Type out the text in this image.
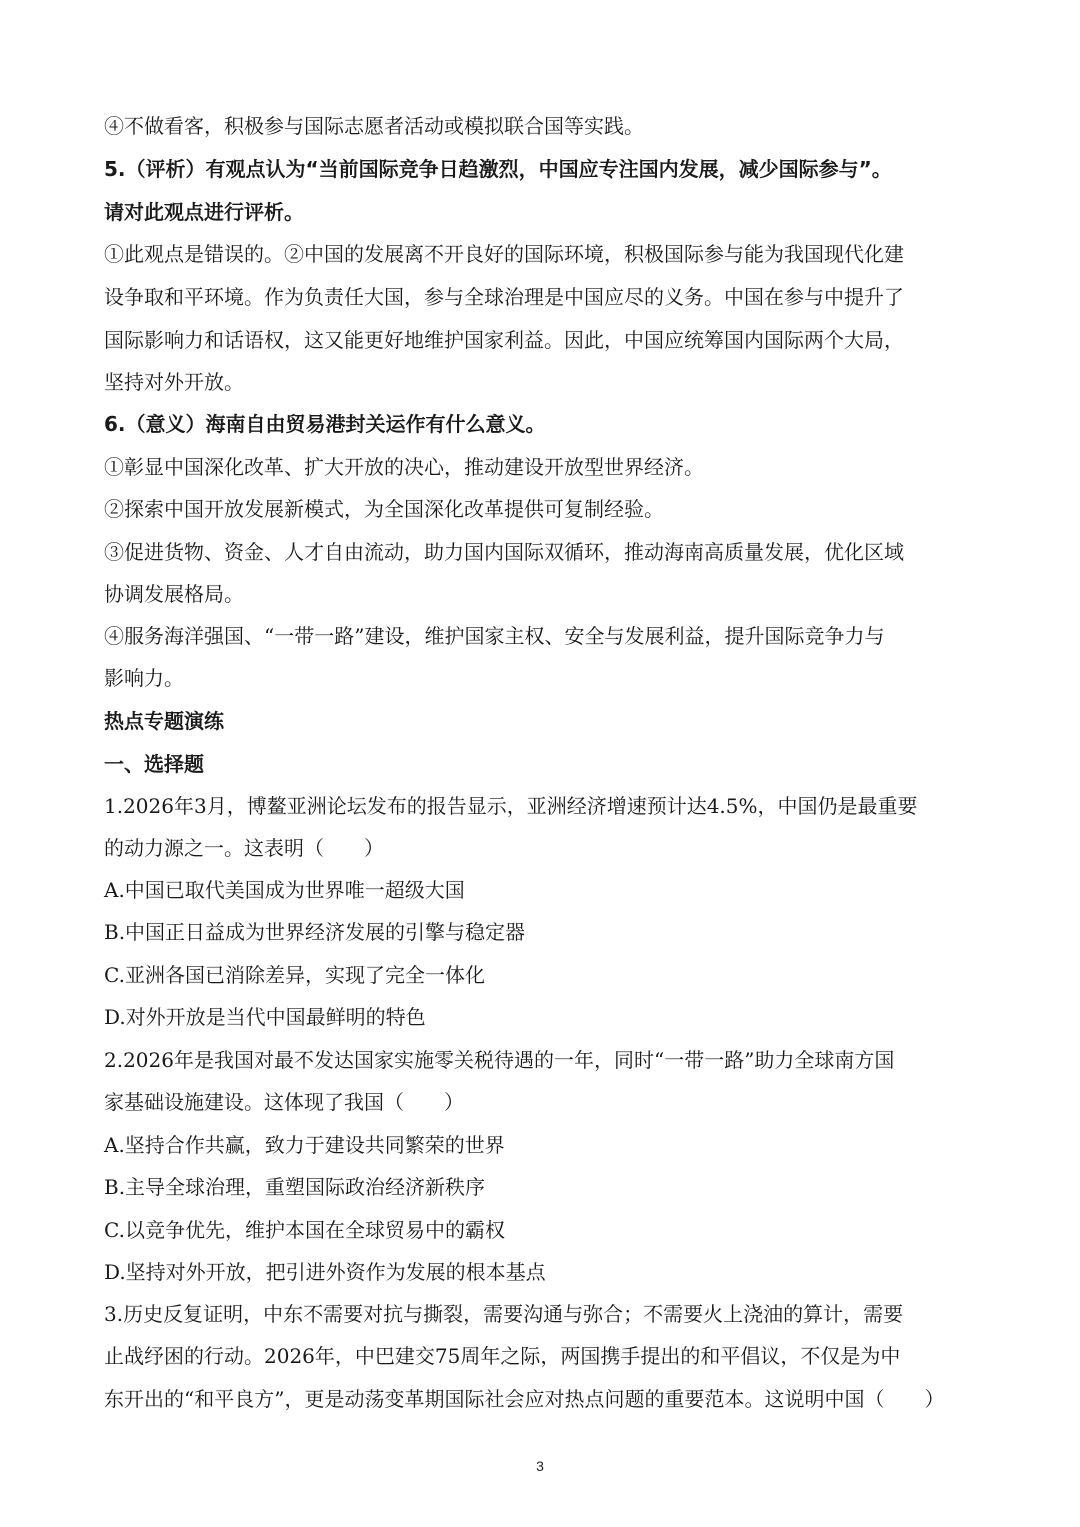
④不做看客，积极参与国际志愿者活动或模拟联合国等实践。
5.（评析）有观点认为“当前国际竞争日趋激烈，中国应专注国内发展，减少国际参与”。
请对此观点进行评析。
①此观点是错误的。②中国的发展离不开良好的国际环境，积极国际参与能为我国现代化建
设争取和平环境。作为负责任大国，参与全球治理是中国应尽的义务。中国在参与中提升了
国际影响力和话语权，这又能更好地维护国家利益。因此，中国应统筹国内国际两个大局，
坚持对外开放。
6.（意义）海南自由贸易港封关运作有什么意义。
①彰显中国深化改革、扩大开放的决心，推动建设开放型世界经济。
②探索中国开放发展新模式，为全国深化改革提供可复制经验。
③促进货物、资金、人才自由流动，助力国内国际双循环，推动海南高质量发展，优化区域
协调发展格局。
④服务海洋强国、“一带一路”建设，维护国家主权、安全与发展利益，提升国际竞争力与
影响力。
热点专题演练
一、选择题
1.2026年3月，博鳌亚洲论坛发布的报告显示，亚洲经济增速预计达4.5%，中国仍是最重要
的动力源之一。这表明（　　）
A.中国已取代美国成为世界唯一超级大国
B.中国正日益成为世界经济发展的引擎与稳定器
C.亚洲各国已消除差异，实现了完全一体化
D.对外开放是当代中国最鲜明的特色
2.2026年是我国对最不发达国家实施零关税待遇的一年，同时“一带一路”助力全球南方国
家基础设施建设。这体现了我国（　　）
A.坚持合作共赢，致力于建设共同繁荣的世界
B.主导全球治理，重塑国际政治经济新秩序
C.以竞争优先，维护本国在全球贸易中的霸权
D.坚持对外开放，把引进外资作为发展的根本基点
3.历史反复证明，中东不需要对抗与撕裂，需要沟通与弥合；不需要火上浇油的算计，需要
止战纾困的行动。2026年，中巴建交75周年之际，两国携手提出的和平倡议，不仅是为中
东开出的“和平良方”，更是动荡变革期国际社会应对热点问题的重要范本。这说明中国（　　）
3
